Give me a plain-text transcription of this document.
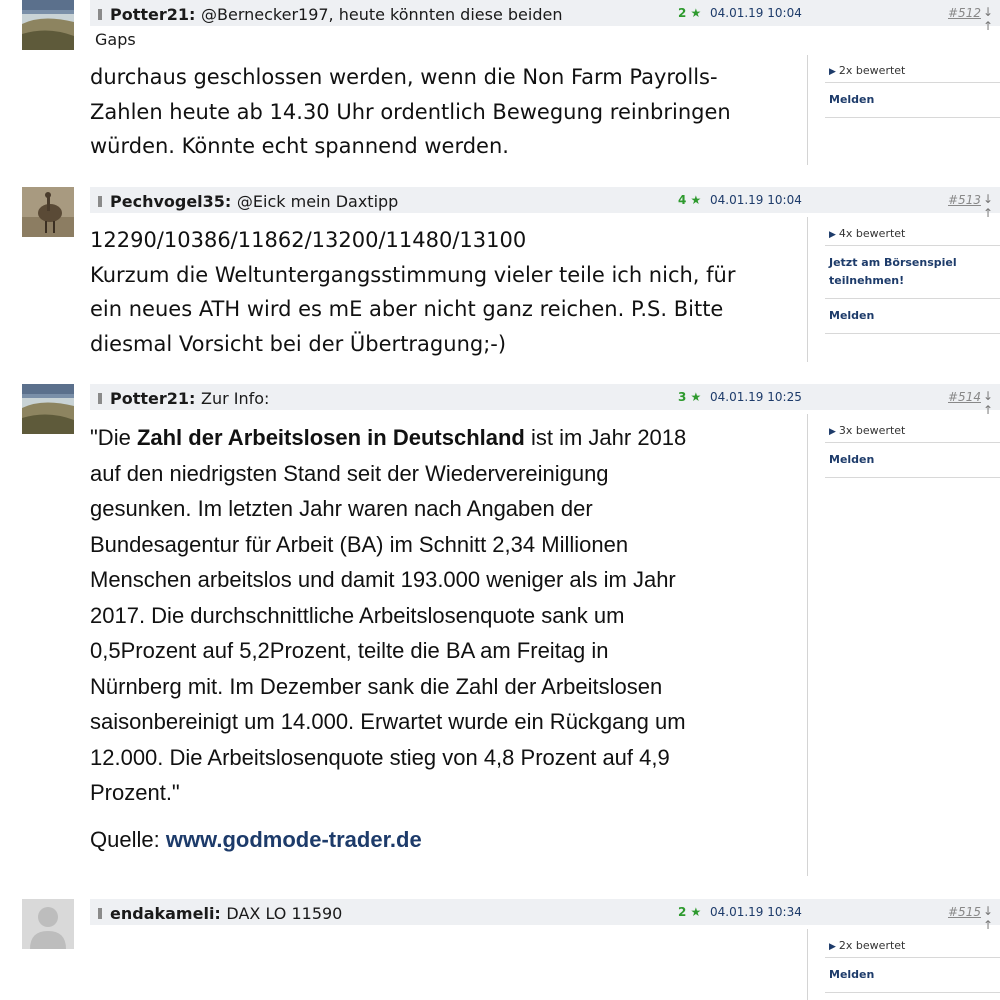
Potter21: @Bernecker197, heute könnten diese beiden	2 ★ 04.01.19 10:04	#512 ↓ ↑
Gaps
durchaus geschlossen werden, wenn die Non Farm Payrolls-
Zahlen heute ab 14.30 Uhr ordentlich Bewegung reinbringen
würden. Könnte echt spannend werden.
▶ 2x bewertet
Melden
Pechvogel35: @Eick mein Daxtipp	4 ★ 04.01.19 10:04	#513 ↓ ↑
12290/10386/11862/13200/11480/13100
Kurzum die Weltuntergangsstimmung vieler teile ich nich, für
ein neues ATH wird es mE aber nicht ganz reichen. P.S. Bitte
diesmal Vorsicht bei der Übertragung;-)
▶ 4x bewertet
Jetzt am Börsenspiel
teilnehmen!
Melden
Potter21: Zur Info:	3 ★ 04.01.19 10:25	#514 ↓ ↑
"Die Zahl der Arbeitslosen in Deutschland ist im Jahr 2018
auf den niedrigsten Stand seit der Wiedervereinigung
gesunken. Im letzten Jahr waren nach Angaben der
Bundesagentur für Arbeit (BA) im Schnitt 2,34 Millionen
Menschen arbeitslos und damit 193.000 weniger als im Jahr
2017. Die durchschnittliche Arbeitslosenquote sank um
0,5Prozent auf 5,2Prozent, teilte die BA am Freitag in
Nürnberg mit. Im Dezember sank die Zahl der Arbeitslosen
saisonbereinigt um 14.000. Erwartet wurde ein Rückgang um
12.000. Die Arbeitslosenquote stieg von 4,8 Prozent auf 4,9
Prozent."
Quelle: www.godmode-trader.de
▶ 3x bewertet
Melden
endakameli: DAX LO 11590	2 ★ 04.01.19 10:34	#515 ↓ ↑
▶ 2x bewertet
Melden
